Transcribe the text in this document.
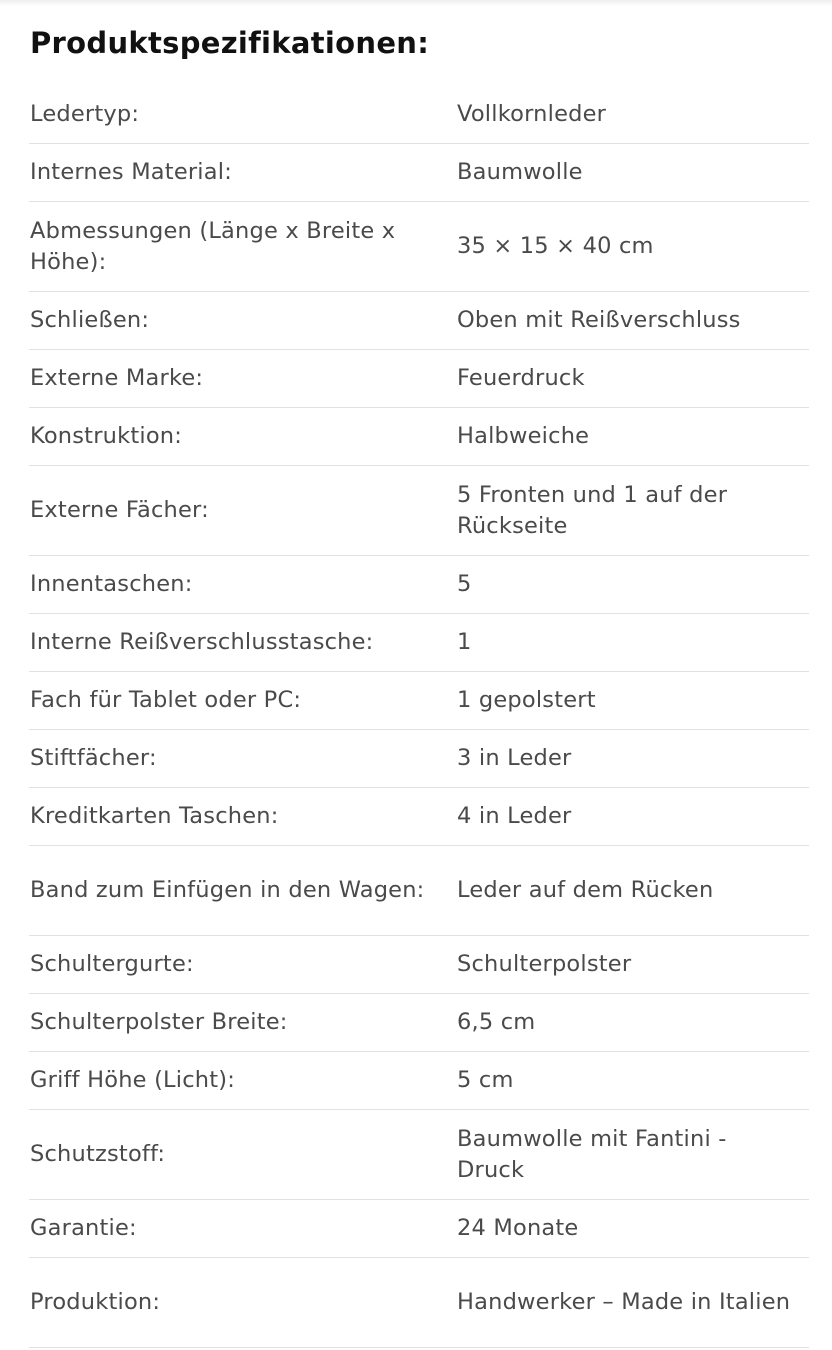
Produktspezifikationen:
Ledertyp:	Vollkornleder
Internes Material:	Baumwolle
Abmessungen (Länge x Breite x Höhe):
35 × 15 × 40 cm
Schließen:	Oben mit Reißverschluss
Externe Marke:	Feuerdruck
Konstruktion:	Halbweiche
Externe Fächer:
5 Fronten und 1 auf der Rückseite
Innentaschen:	5
Interne Reißverschlusstasche:	1
Fach für Tablet oder PC:	1 gepolstert
Stiftfächer:	3 in Leder
Kreditkarten Taschen:	4 in Leder
Band zum Einfügen in den Wagen:	Leder auf dem Rücken
Schultergurte:	Schulterpolster
Schulterpolster Breite:	6,5 cm
Griff Höhe (Licht):	5 cm
Schutzstoff:
Baumwolle mit Fantini - Druck
Garantie:	24 Monate
Produktion:	Handwerker – Made in Italien
